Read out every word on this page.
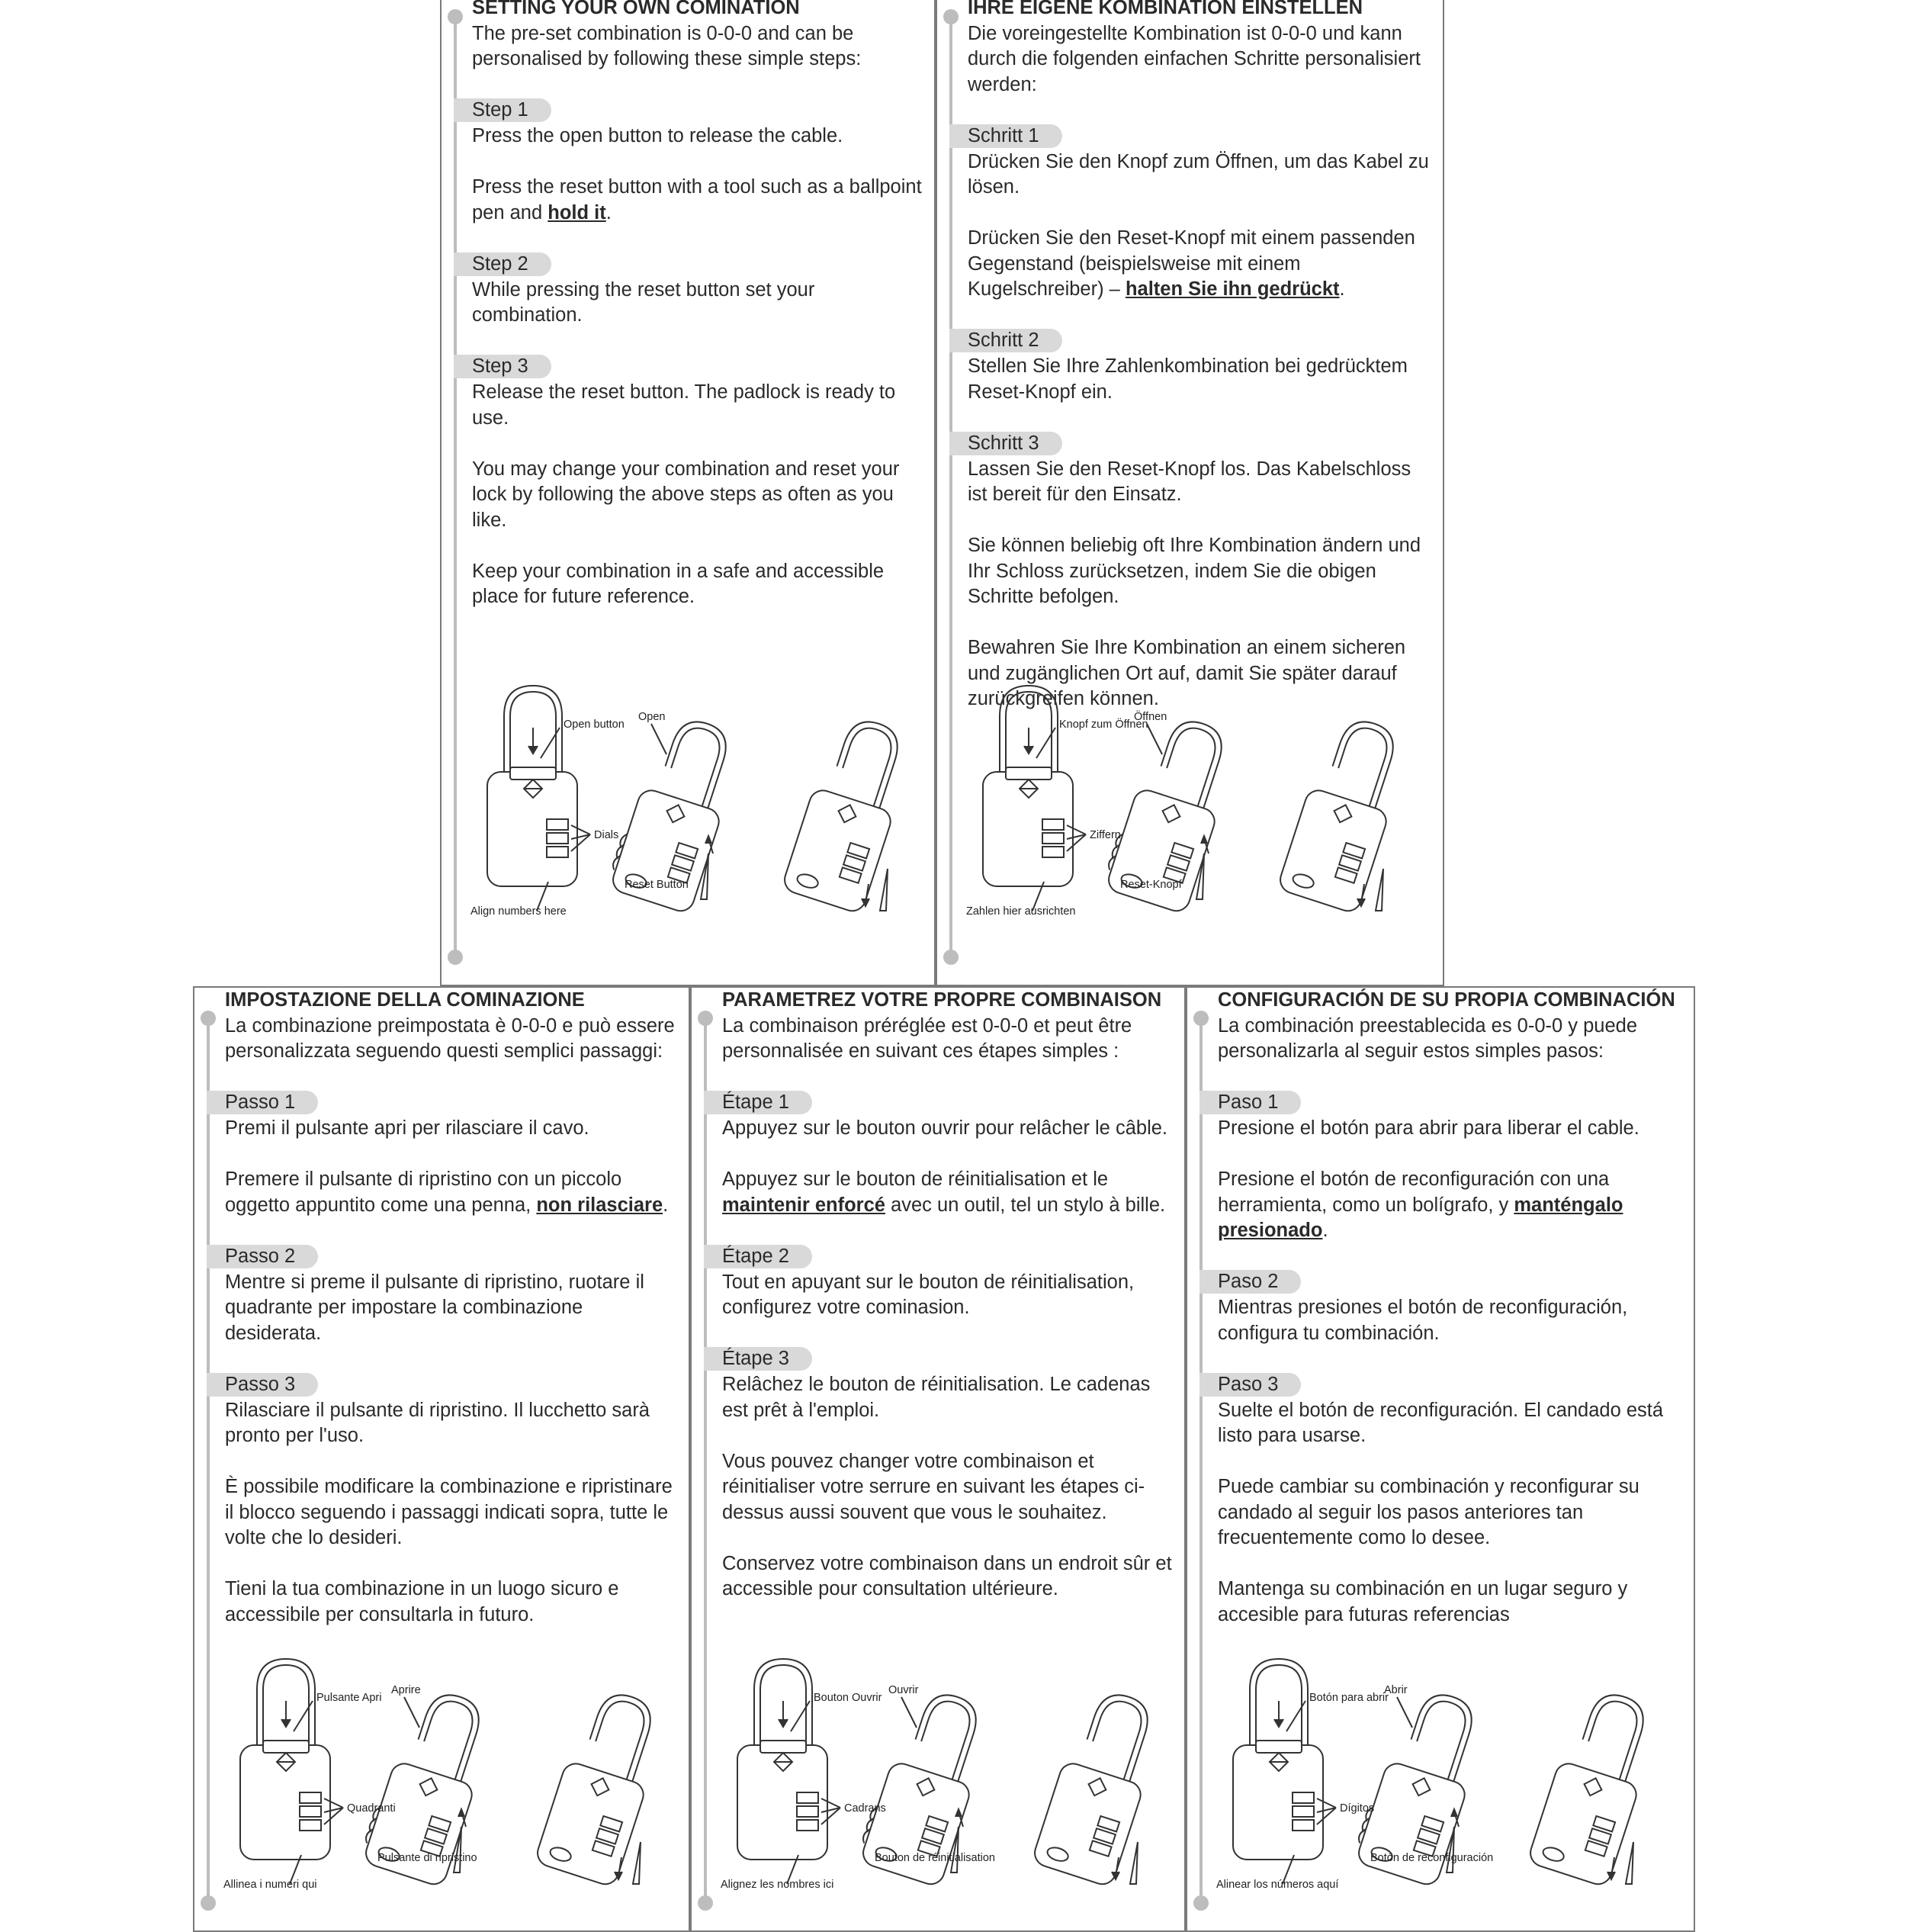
SETTING YOUR OWN COMINATION

The pre-set combination is 0-0-0 and can be personalised by following these simple steps:

Step 1

Press the open button to release the cable.

Press the reset button with a tool such as a ballpoint pen and hold it.

Step 2

While pressing the reset button set your combination.

Step 3

Release the reset button. The padlock is ready to use.

You may change your combination and reset your lock by following the above steps as often as you like.

Keep your combination in a safe and accessible place for future reference.

Open button
Open
Dials
Reset Button
Align numbers here

IHRE EIGENE KOMBINATION EINSTELLEN

Die voreingestellte Kombination ist 0-0-0 und kann durch die folgenden einfachen Schritte personalisiert werden:

Schritt 1

Drücken Sie den Knopf zum Öffnen, um das Kabel zu lösen.

Drücken Sie den Reset-Knopf mit einem passenden Gegenstand (beispielsweise mit einem Kugelschreiber) – halten Sie ihn gedrückt.

Schritt 2

Stellen Sie Ihre Zahlenkombination bei gedrücktem Reset-Knopf ein.

Schritt 3

Lassen Sie den Reset-Knopf los. Das Kabelschloss ist bereit für den Einsatz.

Sie können beliebig oft Ihre Kombination ändern und Ihr Schloss zurücksetzen, indem Sie die obigen Schritte befolgen.

Bewahren Sie Ihre Kombination an einem sicheren und zugänglichen Ort auf, damit Sie später darauf zurückgreifen können.

Knopf zum Öffnen
Öffnen
Ziffern
Reset-Knopf
Zahlen hier ausrichten

IMPOSTAZIONE DELLA COMINAZIONE

La combinazione preimpostata è 0-0-0 e può essere personalizzata seguendo questi semplici passaggi:

Passo 1

Premi il pulsante apri per rilasciare il cavo.

Premere il pulsante di ripristino con un piccolo oggetto appuntito come una penna, non rilasciare.

Passo 2

Mentre si preme il pulsante di ripristino, ruotare il quadrante per impostare la combinazione desiderata.

Passo 3

Rilasciare il pulsante di ripristino. Il lucchetto sarà pronto per l'uso.

È possibile modificare la combinazione e ripristinare il blocco seguendo i passaggi indicati sopra, tutte le volte che lo desideri.

Tieni la tua combinazione in un luogo sicuro e accessibile per consultarla in futuro.

Pulsante Apri
Aprire
Quadranti
Pulsante di ripristino
Allinea i numeri qui

PARAMETREZ VOTRE PROPRE COMBINAISON

La combinaison préréglée est 0-0-0 et peut être personnalisée en suivant ces étapes simples :

Étape 1

Appuyez sur le bouton ouvrir pour relâcher le câble.

Appuyez sur le bouton de réinitialisation et le maintenir enforcé avec un outil, tel un stylo à bille.

Étape 2

Tout en apuyant sur le bouton de réinitialisation, configurez votre cominasion.

Étape 3

Relâchez le bouton de réinitialisation. Le cadenas est prêt à l'emploi.

Vous pouvez changer votre combinaison et réinitialiser votre serrure en suivant les étapes ci-dessus aussi souvent que vous le souhaitez.

Conservez votre combinaison dans un endroit sûr et accessible pour consultation ultérieure.

Bouton Ouvrir
Ouvrir
Cadrans
Bouton de réinitialisation
Alignez les nombres ici

CONFIGURACIÓN DE SU PROPIA COMBINACIÓN

La combinación preestablecida es 0-0-0 y puede personalizarla al seguir estos simples pasos:

Paso 1

Presione el botón para abrir para liberar el cable.

Presione el botón de reconfiguración con una herramienta, como un bolígrafo, y manténgalo presionado.

Paso 2

Mientras presiones el botón de reconfiguración, configura tu combinación.

Paso 3

Suelte el botón de reconfiguración. El candado está listo para usarse.

Puede cambiar su combinación y reconfigurar su candado al seguir los pasos anteriores tan frecuentemente como lo desee.

Mantenga su combinación en un lugar seguro y accesible para futuras referencias

Botón para abrir
Abrir
Dígitos
Botón de reconfiguración
Alinear los números aquí
